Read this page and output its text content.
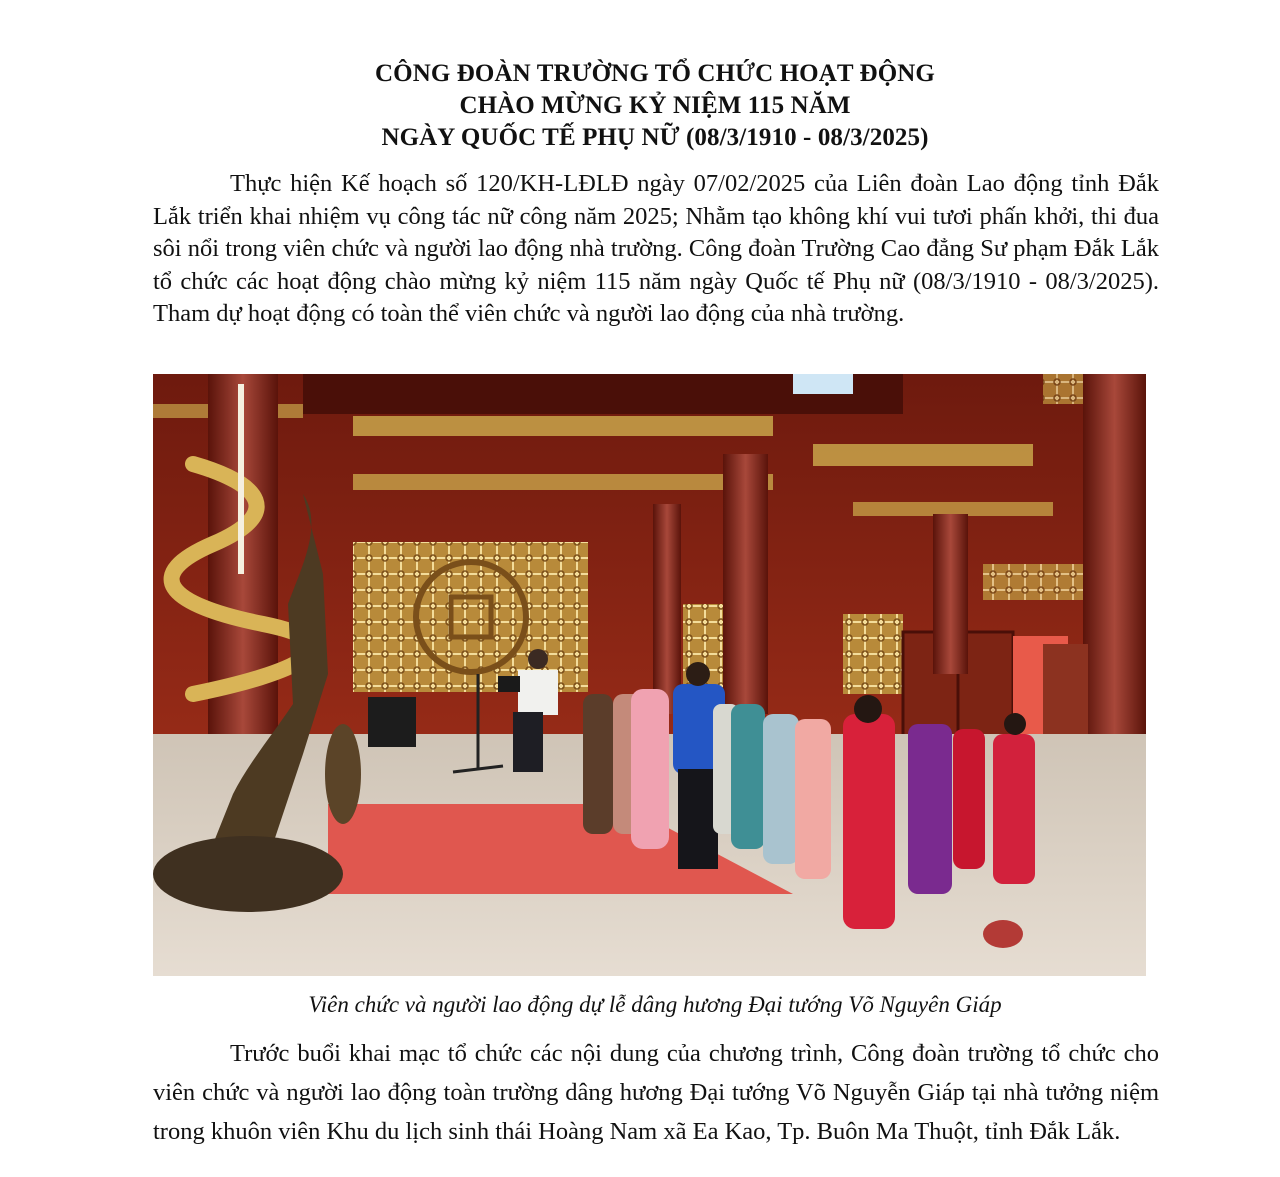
CÔNG ĐOÀN TRƯỜNG TỔ CHỨC HOẠT ĐỘNG
CHÀO MỪNG KỶ NIỆM 115 NĂM
NGÀY QUỐC TẾ PHỤ NỮ (08/3/1910 - 08/3/2025)

Thực hiện Kế hoạch số 120/KH-LĐLĐ ngày 07/02/2025 của Liên đoàn Lao động tỉnh Đắk Lắk triển khai nhiệm vụ công tác nữ công năm 2025; Nhằm tạo không khí vui tươi phấn khởi, thi đua sôi nổi trong viên chức và người lao động nhà trường. Công đoàn Trường Cao đẳng Sư phạm Đắk Lắk tổ chức các hoạt động chào mừng kỷ niệm 115 năm ngày Quốc tế Phụ nữ (08/3/1910 - 08/3/2025). Tham dự hoạt động có toàn thể viên chức và người lao động của nhà trường.

Viên chức và người lao động dự lễ dâng hương Đại tướng Võ Nguyên Giáp

Trước buổi khai mạc tổ chức các nội dung của chương trình, Công đoàn trường tổ chức cho viên chức và người lao động toàn trường dâng hương Đại tướng Võ Nguyễn Giáp tại nhà tưởng niệm trong khuôn viên Khu du lịch sinh thái Hoàng Nam xã Ea Kao, Tp. Buôn Ma Thuột, tỉnh Đắk Lắk.
